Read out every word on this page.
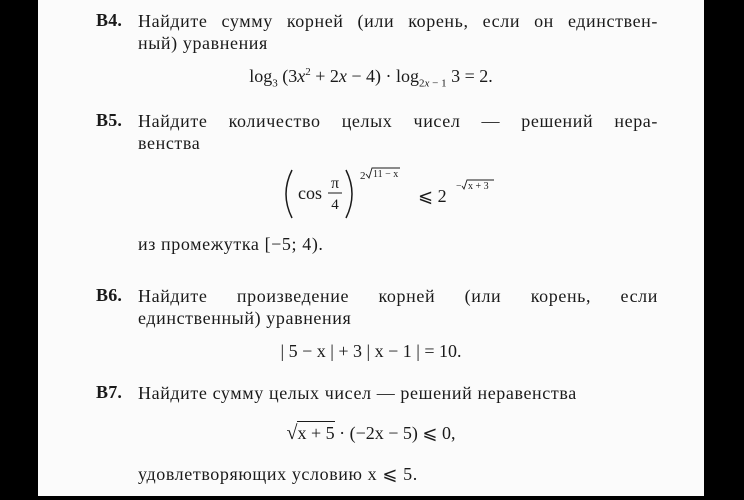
B4. Найдите сумму корней (или корень, если он единствен-
ный) уравнения
$\log_3 (3x^2 + 2x - 4) \cdot \log_{2x - 1} 3 = 2$.
B5. Найдите количество целых чисел — решений нера-
венства
cos π
4
2 11 − x
⩽ 2 − x + 3
из промежутка [−5; 4).
B6. Найдите произведение корней (или корень, если
единственный) уравнения
| 5 − x | + 3 | x − 1 | = 10.
B7. Найдите сумму целых чисел — решений неравенства
√x + 5 · (−2x − 5) ⩽ 0,
удовлетворяющих условию x ⩽ 5.
